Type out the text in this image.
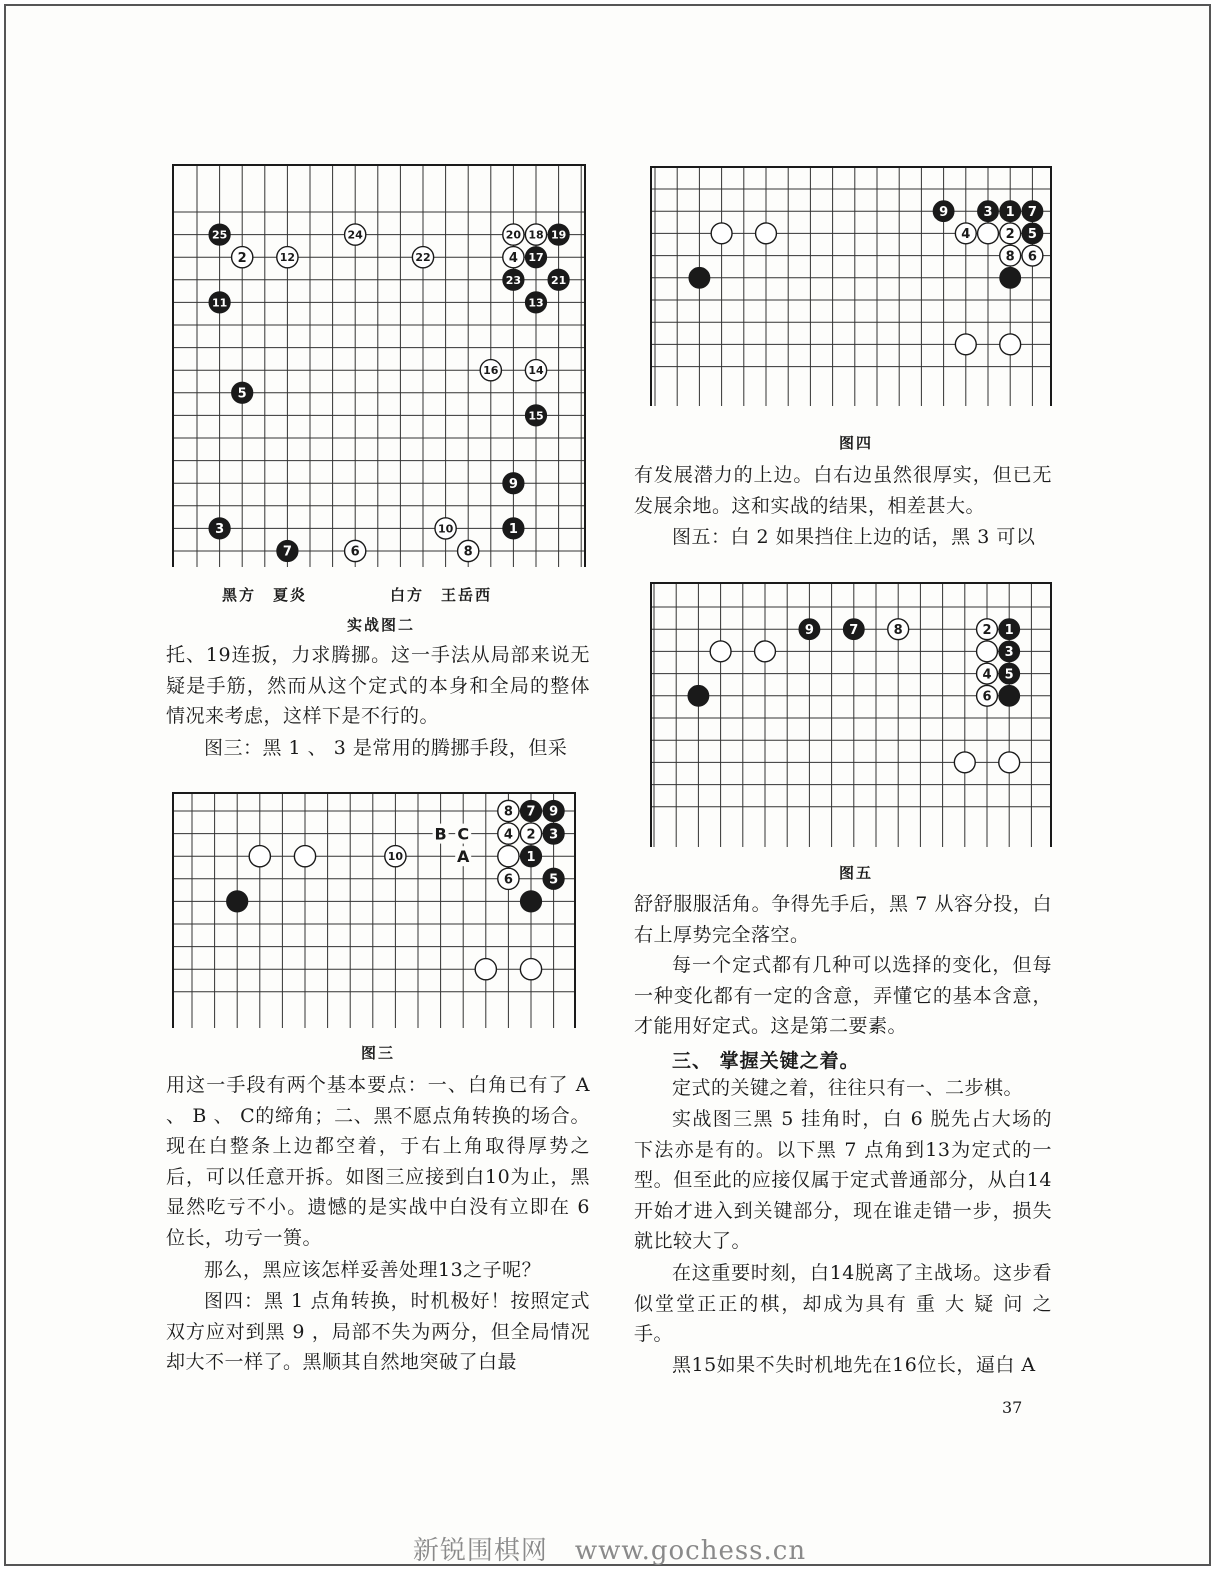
25
2	12
24
22
20 18 19
4 17
23	21
11	13
16	14
5
15
9
3	10	1
7	6	8
黑方　夏炎	白方　王岳西
实战图二

托、19连扳，力求腾挪。这一手法从局部来说无疑是手筋，然而从这个定式的本身和全局的整体情况来考虑，这样下是不行的。

图三：黑 1 、 3 是常用的腾挪手段，但采

B C
A
8 7 9
4 2 3
10	1
6	5
图三

用这一手段有两个基本要点：一、白角已有了 A 、 B 、 C的缔角；二、黑不愿点角转换的场合。现在白整条上边都空着，于右上角取得厚势之后，可以任意开拆。如图三应接到白10为止，黑显然吃亏不小。遗憾的是实战中白没有立即在 6 位长，功亏一篑。

那么，黑应该怎样妥善处理13之子呢？

图四：黑 1 点角转换，时机极好！按照定式双方应对到黑 9 ，局部不失为两分，但全局情况却大不一样了。黑顺其自然地突破了白最

9	3 1 7
4	2 5
8 6
图四

有发展潜力的上边。白右边虽然很厚实，但已无发展余地。这和实战的结果，相差甚大。

图五：白 2 如果挡住上边的话，黑 3 可以

2 1
9	7	8
3
4 5
6
图五

舒舒服服活角。争得先手后，黑 7 从容分投，白右上厚势完全落空。

每一个定式都有几种可以选择的变化，但每一种变化都有一定的含意，弄懂它的基本含意，才能用好定式。这是第二要素。

三、 掌握关键之着。

定式的关键之着，往往只有一、二步棋。

实战图三黑 5 挂角时，白 6 脱先占大场的下法亦是有的。以下黑 7 点角到13为定式的一型。但至此的应接仅属于定式普通部分，从白14开始才进入到关键部分，现在谁走错一步，损失就比较大了。

在这重要时刻，白14脱离了主战场。这步看似堂堂正正的棋，却成为具有 重 大 疑 问 之 手。

黑15如果不失时机地先在16位长，逼白 A

37
新锐围棋网　www.gochess.cn
